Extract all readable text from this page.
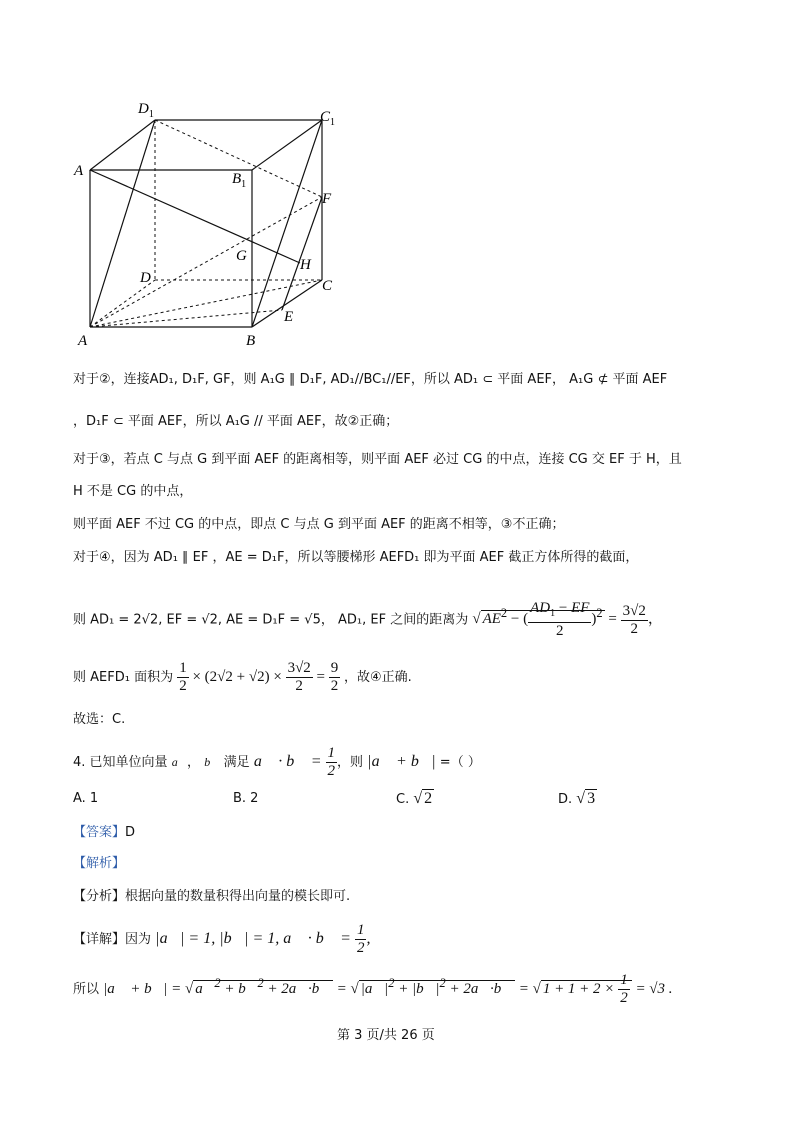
$D_1$	$C_1$
A	$B_1$
F
G
D
H
C
E
A	B
对于②，连接AD₁, D₁F, GF，则 A₁G ∥ D₁F, AD₁//BC₁//EF，所以 AD₁ ⊂ 平面 AEF， A₁G ⊄ 平面 AEF
，D₁F ⊂ 平面 AEF，所以 A₁G // 平面 AEF，故②正确；
对于③，若点 C 与点 G 到平面 AEF 的距离相等，则平面 AEF 必过 CG 的中点，连接 CG 交 EF 于 H，且
H 不是 CG 的中点，
则平面 AEF 不过 CG 的中点，即点 C 与点 G 到平面 AEF 的距离不相等，③不正确；
对于④，因为 AD₁ ∥ EF ，AE = D₁F，所以等腰梯形 AEFD₁ 即为平面 AEF 截正方体所得的截面，
则 AD₁ = 2√2, EF = √2, AE = D₁F = √5， AD₁, EF 之间的距离为 √ $AE^2$ − ( $\frac{AD_1 - EF}{2} )^2 = \frac{3√2}{2}$ ，
则 AEFD₁ 面积为 $\frac{1}{2} \times (2√2 + √2) \times \frac{3√2}{2} = \frac{9}{2}$ ，故④正确.
故选：C.
4. 已知单位向量 a⃗， b⃗ 满足 a⃗ · b⃗ = $\frac{1}{2}$ ，则 |a⃗ + b⃗| =（ ）
A. 1	B. 2	C. √ 2	D. √ 3
【答案】D
【解析】
【分析】根据向量的数量积得出向量的模长即可.
【详解】因为 |a⃗| = 1, |b⃗| = 1, a⃗ · b⃗ = $\frac{1}{2}$ ,
所以 |a⃗ + b⃗| = √ a⃗$^2$ + b⃗$^2$ + 2a⃗·b⃗ = √ $|a⃗|^2$ + $|b⃗|^2$ + 2a⃗·b⃗ = √ $1 + 1 + 2 \times \frac{1}{2} = √3$ .
第 3 页/共 26 页
